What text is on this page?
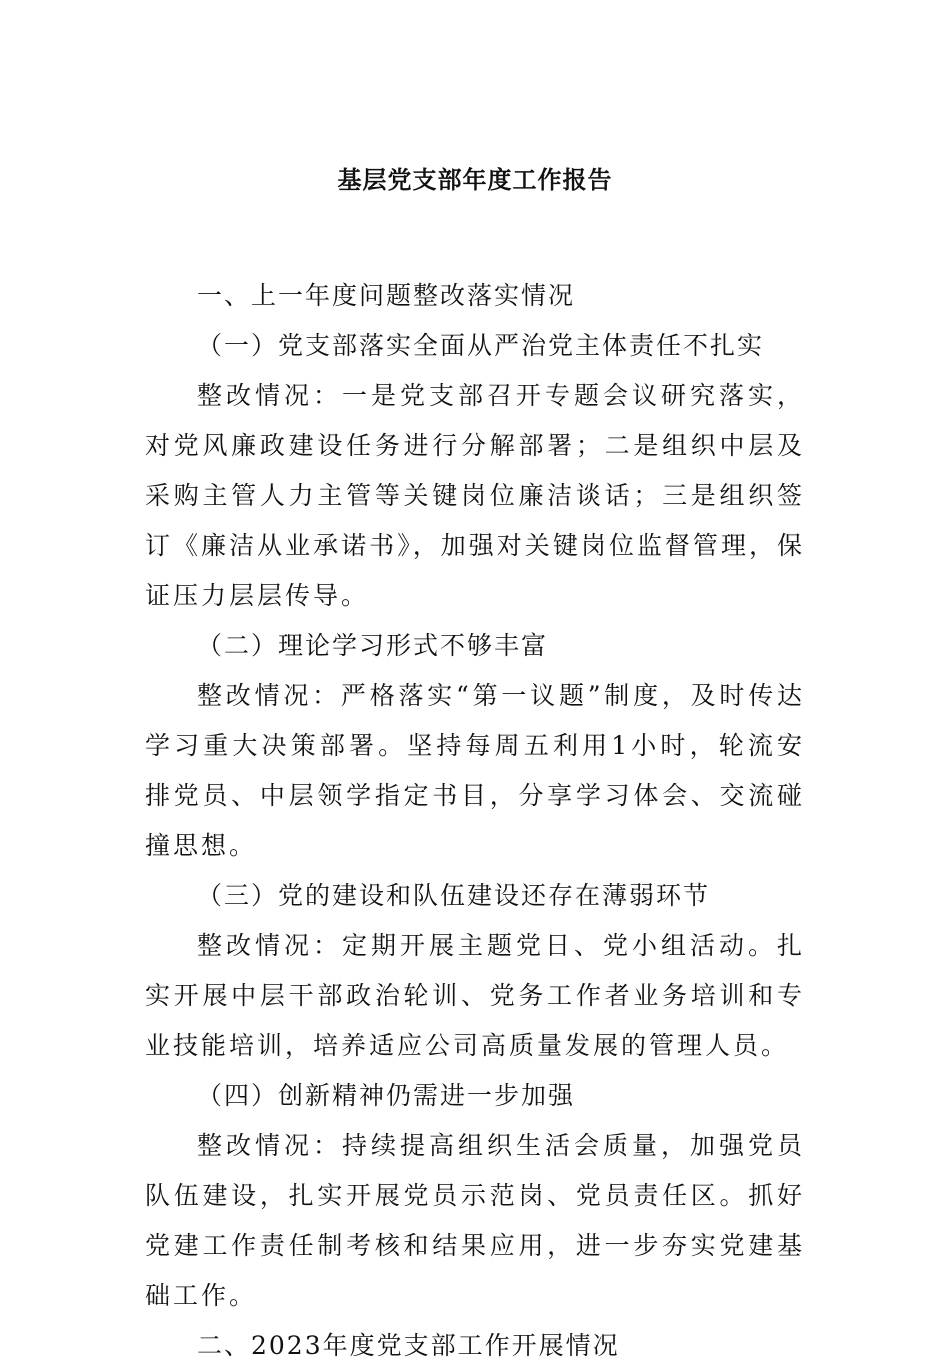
基层党支部年度工作报告

一、上一年度问题整改落实情况

（一）党支部落实全面从严治党主体责任不扎实

整改情况：一是党支部召开专题会议研究落实，对党风廉政建设任务进行分解部署；二是组织中层及采购主管人力主管等关键岗位廉洁谈话；三是组织签订《廉洁从业承诺书》，加强对关键岗位监督管理，保证压力层层传导。

（二）理论学习形式不够丰富

整改情况：严格落实“第一议题”制度，及时传达学习重大决策部署。坚持每周五利用1小时，轮流安排党员、中层领学指定书目，分享学习体会、交流碰撞思想。

（三）党的建设和队伍建设还存在薄弱环节

整改情况：定期开展主题党日、党小组活动。扎实开展中层干部政治轮训、党务工作者业务培训和专业技能培训，培养适应公司高质量发展的管理人员。

（四）创新精神仍需进一步加强

整改情况：持续提高组织生活会质量，加强党员队伍建设，扎实开展党员示范岗、党员责任区。抓好党建工作责任制考核和结果应用，进一步夯实党建基础工作。

二、2023年度党支部工作开展情况
